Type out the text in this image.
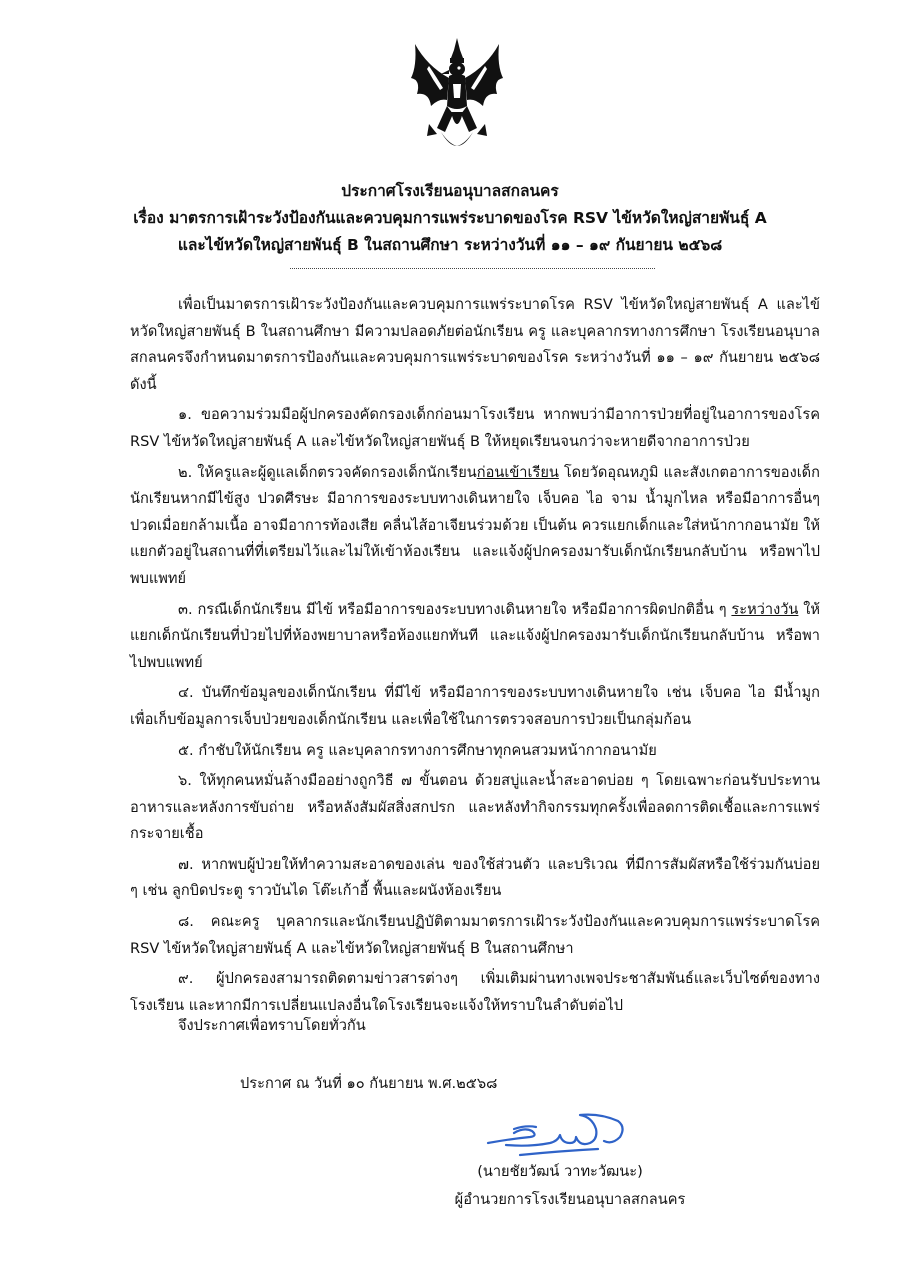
ประกาศโรงเรียนอนุบาลสกลนคร
เรื่อง มาตรการเฝ้าระวังป้องกันและควบคุมการแพร่ระบาดของโรค RSV ไข้หวัดใหญ่สายพันธุ์ A
และไข้หวัดใหญ่สายพันธุ์ B ในสถานศึกษา ระหว่างวันที่ ๑๑ – ๑๙ กันยายน ๒๕๖๘

เพื่อเป็นมาตรการเฝ้าระวังป้องกันและควบคุมการแพร่ระบาดโรค RSV ไข้หวัดใหญ่สายพันธุ์ A และไข้หวัดใหญ่สายพันธุ์ B ในสถานศึกษา มีความปลอดภัยต่อนักเรียน ครู และบุคลากรทางการศึกษา โรงเรียนอนุบาลสกลนครจึงกำหนดมาตรการป้องกันและควบคุมการแพร่ระบาดของโรค ระหว่างวันที่ ๑๑ – ๑๙ กันยายน ๒๕๖๘ ดังนี้

๑. ขอความร่วมมือผู้ปกครองคัดกรองเด็กก่อนมาโรงเรียน หากพบว่ามีอาการป่วยที่อยู่ในอาการของโรค RSV ไข้หวัดใหญ่สายพันธุ์ A และไข้หวัดใหญ่สายพันธุ์ B ให้หยุดเรียนจนกว่าจะหายดีจากอาการป่วย

๒. ให้ครูและผู้ดูแลเด็กตรวจคัดกรองเด็กนักเรียนก่อนเข้าเรียน โดยวัดอุณหภูมิ และสังเกตอาการของเด็กนักเรียนหากมีไข้สูง ปวดศีรษะ มีอาการของระบบทางเดินหายใจ เจ็บคอ ไอ จาม น้ำมูกไหล หรือมีอาการอื่นๆ ปวดเมื่อยกล้ามเนื้อ อาจมีอาการท้องเสีย คลื่นไส้อาเจียนร่วมด้วย เป็นต้น ควรแยกเด็กและใส่หน้ากากอนามัย ให้แยกตัวอยู่ในสถานที่ที่เตรียมไว้และไม่ให้เข้าห้องเรียน และแจ้งผู้ปกครองมารับเด็กนักเรียนกลับบ้าน หรือพาไปพบแพทย์

๓. กรณีเด็กนักเรียน มีไข้ หรือมีอาการของระบบทางเดินหายใจ หรือมีอาการผิดปกติอื่น ๆ ระหว่างวัน ให้แยกเด็กนักเรียนที่ป่วยไปที่ห้องพยาบาลหรือห้องแยกทันที และแจ้งผู้ปกครองมารับเด็กนักเรียนกลับบ้าน หรือพาไปพบแพทย์

๔. บันทึกข้อมูลของเด็กนักเรียน ที่มีไข้ หรือมีอาการของระบบทางเดินหายใจ เช่น เจ็บคอ ไอ มีน้ำมูก เพื่อเก็บข้อมูลการเจ็บป่วยของเด็กนักเรียน และเพื่อใช้ในการตรวจสอบการป่วยเป็นกลุ่มก้อน

๕. กำชับให้นักเรียน ครู และบุคลากรทางการศึกษาทุกคนสวมหน้ากากอนามัย

๖. ให้ทุกคนหมั่นล้างมืออย่างถูกวิธี ๗ ขั้นตอน ด้วยสบู่และน้ำสะอาดบ่อย ๆ โดยเฉพาะก่อนรับประทานอาหารและหลังการขับถ่าย หรือหลังสัมผัสสิ่งสกปรก และหลังทำกิจกรรมทุกครั้งเพื่อลดการติดเชื้อและการแพร่กระจายเชื้อ

๗. หากพบผู้ป่วยให้ทำความสะอาดของเล่น ของใช้ส่วนตัว และบริเวณ ที่มีการสัมผัสหรือใช้ร่วมกันบ่อย ๆ เช่น ลูกบิดประตู ราวบันได โต๊ะเก้าอี้ พื้นและผนังห้องเรียน

๘. คณะครู บุคลากรและนักเรียนปฏิบัติตามมาตรการเฝ้าระวังป้องกันและควบคุมการแพร่ระบาดโรค RSV ไข้หวัดใหญ่สายพันธุ์ A และไข้หวัดใหญ่สายพันธุ์ B ในสถานศึกษา

๙. ผู้ปกครองสามารถติดตามข่าวสารต่างๆ เพิ่มเติมผ่านทางเพจประชาสัมพันธ์และเว็บไซต์ของทางโรงเรียน และหากมีการเปลี่ยนแปลงอื่นใดโรงเรียนจะแจ้งให้ทราบในลำดับต่อไป

จึงประกาศเพื่อทราบโดยทั่วกัน
ประกาศ ณ วันที่ ๑๐ กันยายน พ.ศ.๒๕๖๘
(นายชัยวัฒน์ วาทะวัฒนะ)
ผู้อำนวยการโรงเรียนอนุบาลสกลนคร
